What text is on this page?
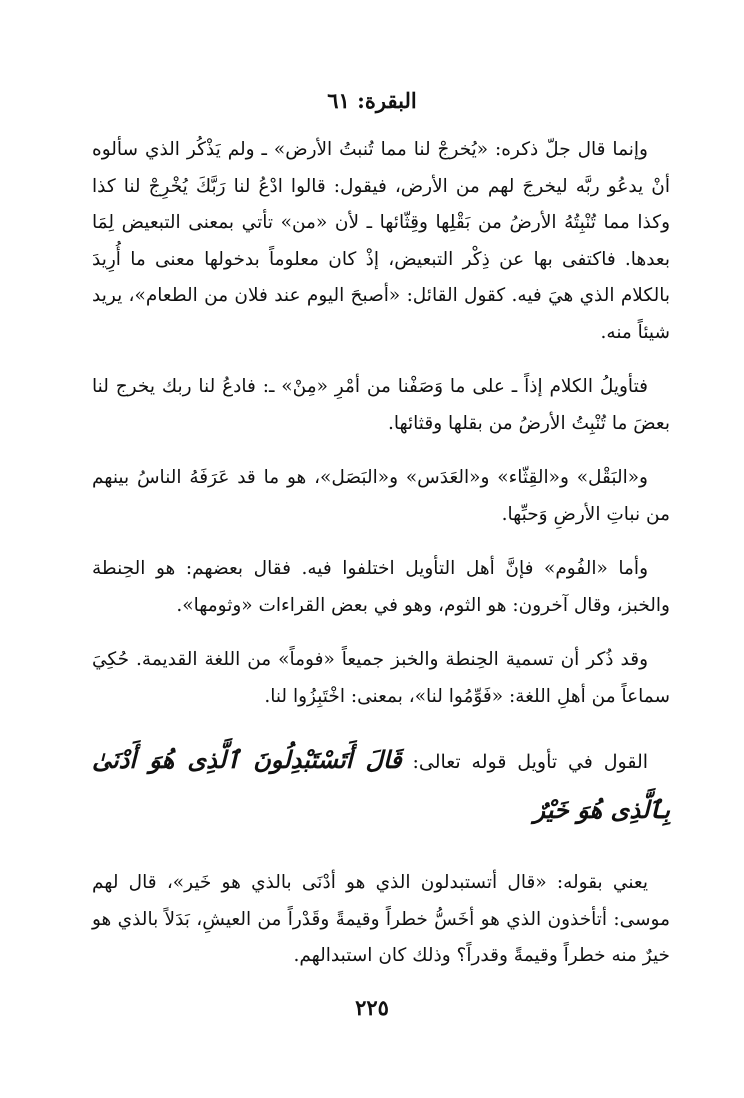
البقرة: ٦١

وإنما قال جلّ ذكره: «يُخرجْ لنا مما تُنبتُ الأرض» ـ ولم يَذْكُر الذي سألوه أنْ يدعُو ربَّه ليخرجَ لهم من الأرض، فيقول: قالوا ادْعُ لنا رَبَّكَ يُخْرِجْ لنا كذا وكذا مما تُنْبِتُهُ الأرضُ من بَقْلِها وقِثّائها ـ لأن «من» تأتي بمعنى التبعيض لِمَا بعدها. فاكتفى بها عن ذِكْر التبعيض، إذْ كان معلوماً بدخولها معنى ما أُرِيدَ بالكلام الذي هيَ فيه. كقول القائل: «أصبحَ اليوم عند فلان من الطعام»، يريد شيئاً منه.

فتأويلُ الكلام إذاً ـ على ما وَصَفْنا من أمْرِ «مِنْ» ـ: فادعُ لنا ربك يخرج لنا بعضَ ما تُنْبِتُ الأرضُ من بقلها وقثائها.

و«البَقْل» و«القِثّاء» و«العَدَس» و«البَصَل»، هو ما قد عَرَفَهُ الناسُ بينهم من نباتِ الأرضِ وَحبِّها.

وأما «الفُوم» فإنَّ أهل التأويل اختلفوا فيه. فقال بعضهم: هو الحِنطة والخبز، وقال آخرون: هو الثوم، وهو في بعض القراءات «وثومها».

وقد ذُكر أن تسمية الحِنطة والخبز جميعاً «فوماً» من اللغة القديمة. حُكِيَ سماعاً من أهلِ اللغة: «فَوِّمُوا لنا»، بمعنى: اخْتَبِزُوا لنا.

القول في تأويل قوله تعالى: قَالَ أَتَسْتَبْدِلُونَ ٱلَّذِى هُوَ أَدْنَىٰ بِٱلَّذِى هُوَ خَيْرٌ

يعني بقوله: «قال أتستبدلون الذي هو أدْنَى بالذي هو خَير»، قال لهم موسى: أتأخذون الذي هو أخَسُّ خطراً وقيمةً وقَدْراً من العيشِ، بَدَلاً بالذي هو خيرٌ منه خطراً وقيمةً وقدراً؟ وذلك كان استبدالهم.

٢٢٥
